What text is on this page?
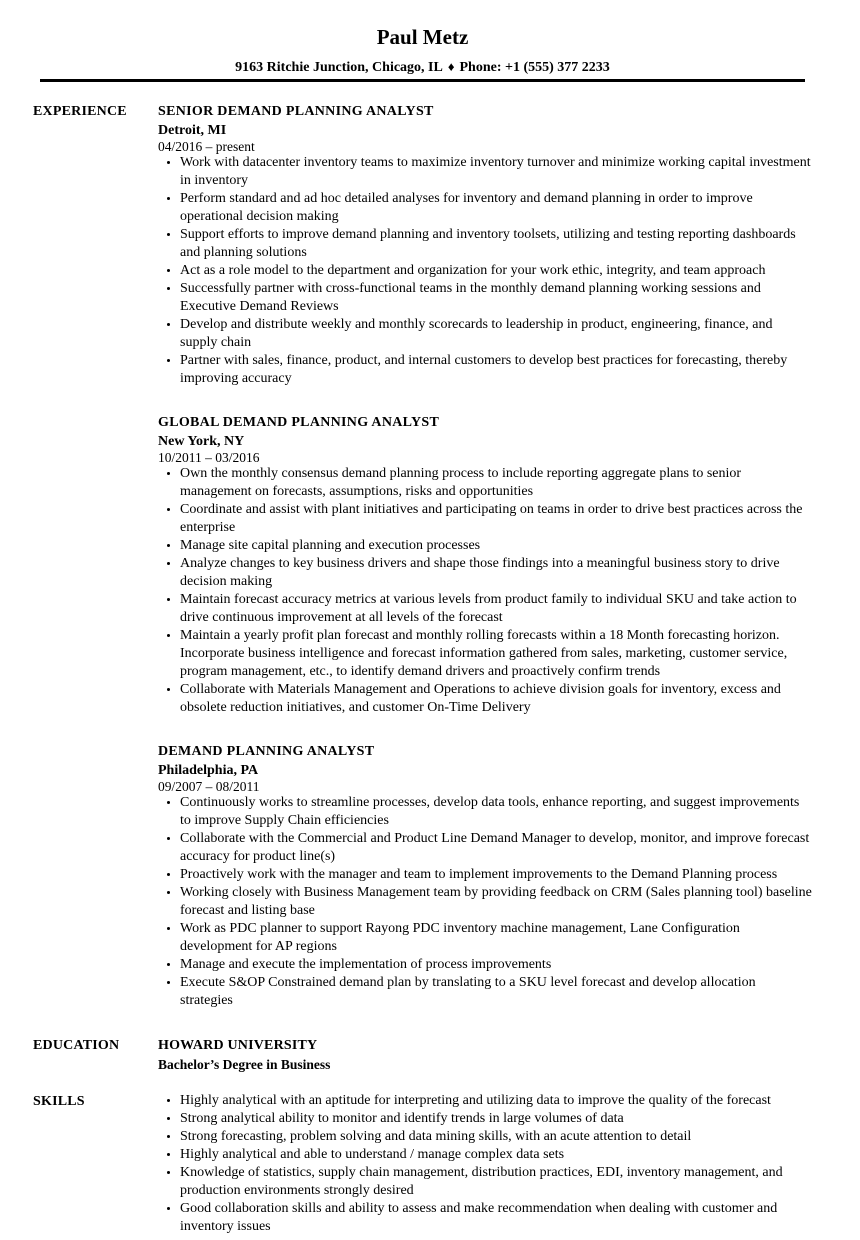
Paul Metz
9163 Ritchie Junction, Chicago, IL ♦ Phone: +1 (555) 377 2233
EXPERIENCE	SENIOR DEMAND PLANNING ANALYST
Detroit, MI
04/2016 – present
• Work with datacenter inventory teams to maximize inventory turnover and minimize working capital investment in inventory
• Perform standard and ad hoc detailed analyses for inventory and demand planning in order to improve operational decision making
• Support efforts to improve demand planning and inventory toolsets, utilizing and testing reporting dashboards and planning solutions
• Act as a role model to the department and organization for your work ethic, integrity, and team approach
• Successfully partner with cross-functional teams in the monthly demand planning working sessions and Executive Demand Reviews
• Develop and distribute weekly and monthly scorecards to leadership in product, engineering, finance, and supply chain
• Partner with sales, finance, product, and internal customers to develop best practices for forecasting, thereby improving accuracy
GLOBAL DEMAND PLANNING ANALYST
New York, NY
10/2011 – 03/2016
• Own the monthly consensus demand planning process to include reporting aggregate plans to senior management on forecasts, assumptions, risks and opportunities
• Coordinate and assist with plant initiatives and participating on teams in order to drive best practices across the enterprise
• Manage site capital planning and execution processes
• Analyze changes to key business drivers and shape those findings into a meaningful business story to drive decision making
• Maintain forecast accuracy metrics at various levels from product family to individual SKU and take action to drive continuous improvement at all levels of the forecast
• Maintain a yearly profit plan forecast and monthly rolling forecasts within a 18 Month forecasting horizon. Incorporate business intelligence and forecast information gathered from sales, marketing, customer service, program management, etc., to identify demand drivers and proactively confirm trends
• Collaborate with Materials Management and Operations to achieve division goals for inventory, excess and obsolete reduction initiatives, and customer On-Time Delivery
DEMAND PLANNING ANALYST
Philadelphia, PA
09/2007 – 08/2011
• Continuously works to streamline processes, develop data tools, enhance reporting, and suggest improvements to improve Supply Chain efficiencies
• Collaborate with the Commercial and Product Line Demand Manager to develop, monitor, and improve forecast accuracy for product line(s)
• Proactively work with the manager and team to implement improvements to the Demand Planning process
• Working closely with Business Management team by providing feedback on CRM (Sales planning tool) baseline forecast and listing base
• Work as PDC planner to support Rayong PDC inventory machine management, Lane Configuration development for AP regions
• Manage and execute the implementation of process improvements
• Execute S&OP Constrained demand plan by translating to a SKU level forecast and develop allocation strategies
EDUCATION	HOWARD UNIVERSITY
Bachelor’s Degree in Business
SKILLS	• Highly analytical with an aptitude for interpreting and utilizing data to improve the quality of the forecast
• Strong analytical ability to monitor and identify trends in large volumes of data
• Strong forecasting, problem solving and data mining skills, with an acute attention to detail
• Highly analytical and able to understand / manage complex data sets
• Knowledge of statistics, supply chain management, distribution practices, EDI, inventory management, and production environments strongly desired
• Good collaboration skills and ability to assess and make recommendation when dealing with customer and inventory issues
